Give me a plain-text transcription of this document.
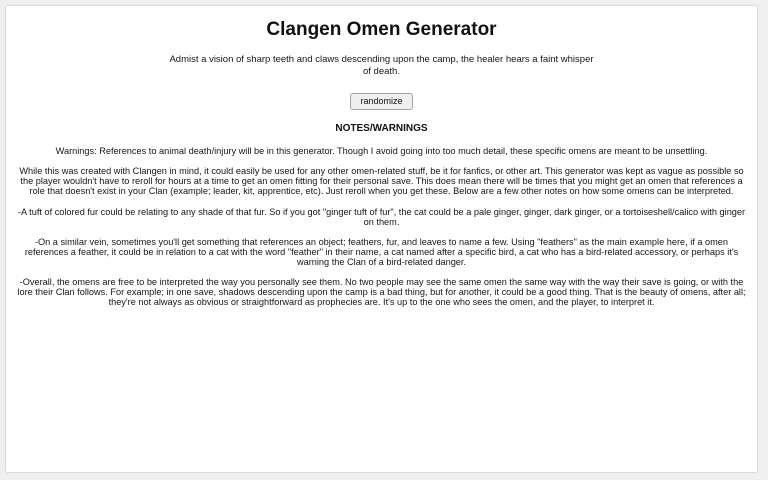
Clangen Omen Generator
Admist a vision of sharp teeth and claws descending upon the camp, the healer hears a faint whisper of death.
randomize
NOTES/WARNINGS

Warnings: References to animal death/injury will be in this generator. Though I avoid going into too much detail, these specific omens are meant to be unsettling.

While this was created with Clangen in mind, it could easily be used for any other omen-related stuff, be it for fanfics, or other art. This generator was kept as vague as possible so the player wouldn't have to reroll for hours at a time to get an omen fitting for their personal save. This does mean there will be times that you might get an omen that references a role that doesn't exist in your Clan (example; leader, kit, apprentice, etc). Just reroll when you get these. Below are a few other notes on how some omens can be interpreted.

-A tuft of colored fur could be relating to any shade of that fur. So if you got "ginger tuft of fur", the cat could be a pale ginger, ginger, dark ginger, or a tortoiseshell/calico with ginger on them.

-On a similar vein, sometimes you'll get something that references an object; feathers, fur, and leaves to name a few. Using "feathers" as the main example here, if a omen references a feather, it could be in relation to a cat with the word "feather" in their name, a cat named after a specific bird, a cat who has a bird-related accessory, or perhaps it's warning the Clan of a bird-related danger.

-Overall, the omens are free to be interpreted the way you personally see them. No two people may see the same omen the same way with the way their save is going, or with the lore their Clan follows. For example; in one save, shadows descending upon the camp is a bad thing, but for another, it could be a good thing. That is the beauty of omens, after all; they're not always as obvious or straightforward as prophecies are. It's up to the one who sees the omen, and the player, to interpret it.
